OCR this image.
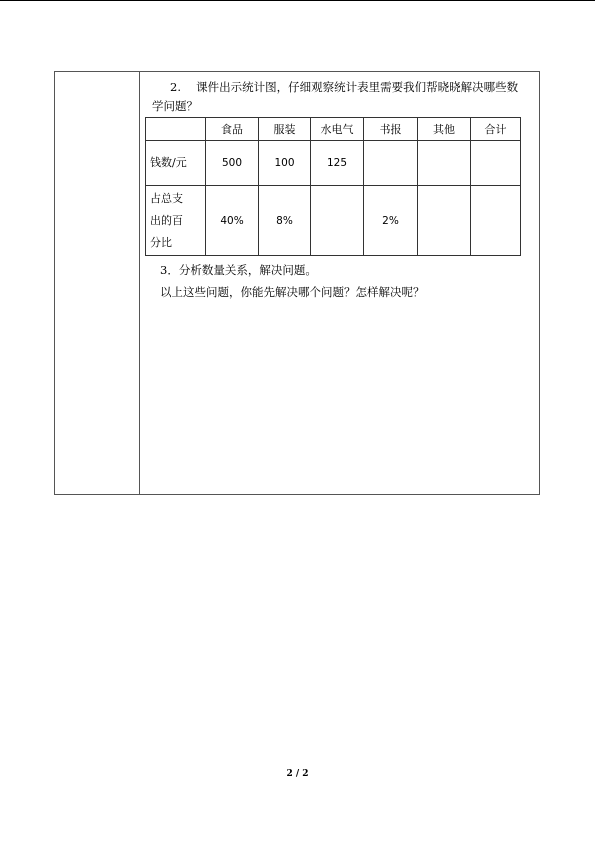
2.　 课件出示统计图，仔细观察统计表里需要我们帮晓晓解决哪些数
学问题？
	食品	服装	水电气	书报	其他	合计
钱数/元	500	100	125			

占总支
出的百
分比	40%	8%		2%		
3．分析数量关系，解决问题。
以上这些问题，你能先解决哪个问题？怎样解决呢？
2 / 2
